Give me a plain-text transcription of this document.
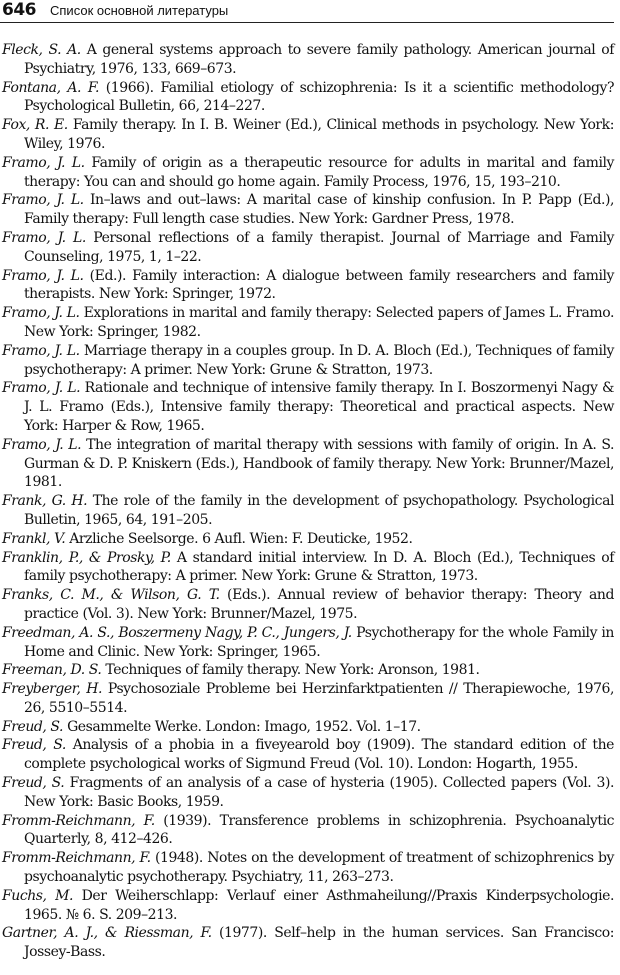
646 Список основной литературы

Fleck, S. A. A general systems approach to severe family pathology. American journal of Psychiatry, 1976, 133, 669–673.

Fontana, A. F. (1966). Familial etiology of schizophrenia: Is it a scientific methodology? Psychological Bulletin, 66, 214–227.

Fox, R. E. Family therapy. In I. B. Weiner (Ed.), Clinical methods in psychology. New York: Wiley, 1976.

Framo, J. L. Family of origin as a therapeutic resource for adults in marital and family therapy: You can and should go home again. Family Process, 1976, 15, 193–210.

Framo, J. L. In–laws and out–laws: A marital case of kinship confusion. In P. Papp (Ed.), Family therapy: Full length case studies. New York: Gardner Press, 1978.

Framo, J. L. Personal reflections of a family therapist. Journal of Marriage and Family Counseling, 1975, 1, 1–22.

Framo, J. L. (Ed.). Family interaction: A dialogue between family researchers and family therapists. New York: Springer, 1972.

Framo, J. L. Explorations in marital and family therapy: Selected papers of James L. Framo. New York: Springer, 1982.

Framo, J. L. Marriage therapy in a couples group. In D. A. Bloch (Ed.), Techniques of family psychotherapy: A primer. New York: Grune & Stratton, 1973.

Framo, J. L. Rationale and technique of intensive family therapy. In I. Boszormenyi Nagy & J. L. Framo (Eds.), Intensive family therapy: Theoretical and practical aspects. New York: Harper & Row, 1965.

Framo, J. L. The integration of marital therapy with sessions with family of origin. In A. S. Gurman & D. P. Kniskern (Eds.), Handbook of family therapy. New York: Brunner/Mazel, 1981.

Frank, G. H. The role of the family in the development of psychopathology. Psychological Bulletin, 1965, 64, 191–205.

Frankl, V. Arzliche Seelsorge. 6 Aufl. Wien: F. Deuticke, 1952.

Franklin, P., & Prosky, P. A standard initial interview. In D. A. Bloch (Ed.), Techniques of family psychotherapy: A primer. New York: Grune & Stratton, 1973.

Franks, C. M., & Wilson, G. T. (Eds.). Annual review of behavior therapy: Theory and practice (Vol. 3). New York: Brunner/Mazel, 1975.

Freedman, A. S., Boszermeny Nagy, P. C., Jungers, J. Psychotherapy for the whole Family in Home and Clinic. New York: Springer, 1965.

Freeman, D. S. Techniques of family therapy. New York: Aronson, 1981.

Freyberger, H. Psychosoziale Probleme bei Herzinfarktpatienten // Therapiewoche, 1976, 26, 5510–5514.

Freud, S. Gesammelte Werke. London: Imago, 1952. Vol. 1–17.

Freud, S. Analysis of a phobia in a fiveyearold boy (1909). The standard edition of the complete psychological works of Sigmund Freud (Vol. 10). London: Hogarth, 1955.

Freud, S. Fragments of an analysis of a case of hysteria (1905). Collected papers (Vol. 3). New York: Basic Books, 1959.

Fromm-Reichmann, F. (1939). Transference problems in schizophrenia. Psychoanalytic Quarterly, 8, 412–426.

Fromm-Reichmann, F. (1948). Notes on the development of treatment of schizophrenics by psychoanalytic psychotherapy. Psychiatry, 11, 263–273.

Fuchs, M. Der Weiherschlapp: Verlauf einer Asthmaheilung//Praxis Kinderpsychologie. 1965. № 6. S. 209–213.

Gartner, A. J., & Riessman, F. (1977). Self–help in the human services. San Francisco: Jossey-Bass.
